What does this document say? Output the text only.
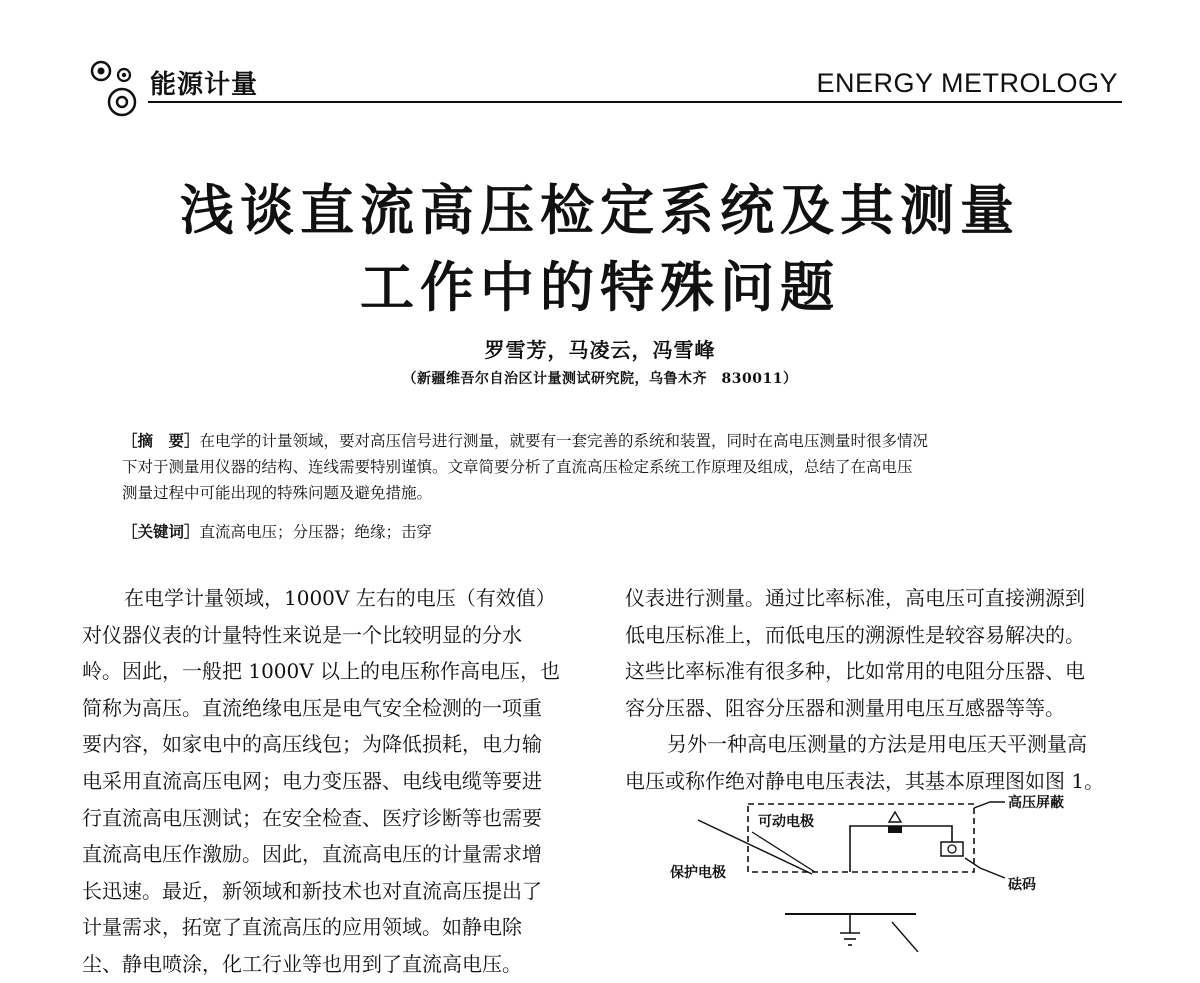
能源计量	ENERGY METROLOGY
浅谈直流高压检定系统及其测量
工作中的特殊问题
罗雪芳，马凌云，冯雪峰
（新疆维吾尔自治区计量测试研究院，乌鲁木齐　830011）
［摘　要］在电学的计量领域，要对高压信号进行测量，就要有一套完善的系统和装置，同时在高电压测量时很多情况
下对于测量用仪器的结构、连线需要特别谨慎。文章简要分析了直流高压检定系统工作原理及组成，总结了在高电压
测量过程中可能出现的特殊问题及避免措施。
［关键词］直流高电压；分压器；绝缘；击穿
在电学计量领域，1000V 左右的电压（有效值）
对仪器仪表的计量特性来说是一个比较明显的分水
岭。因此，一般把 1000V 以上的电压称作高电压，也
简称为高压。直流绝缘电压是电气安全检测的一项重
要内容，如家电中的高压线包；为降低损耗，电力输
电采用直流高压电网；电力变压器、电线电缆等要进
行直流高电压测试；在安全检查、医疗诊断等也需要
直流高电压作激励。因此，直流高电压的计量需求增
长迅速。最近，新领域和新技术也对直流高压提出了
计量需求，拓宽了直流高压的应用领域。如静电除
尘、静电喷涂，化工行业等也用到了直流高电压。
仪表进行测量。通过比率标准，高电压可直接溯源到
低电压标准上，而低电压的溯源性是较容易解决的。
这些比率标准有很多种，比如常用的电阻分压器、电
容分压器、阻容分压器和测量用电压互感器等等。
另外一种高电压测量的方法是用电压天平测量高
电压或称作绝对静电电压表法，其基本原理图如图 1。
可动电极
高压屏蔽
保护电极
砝码
